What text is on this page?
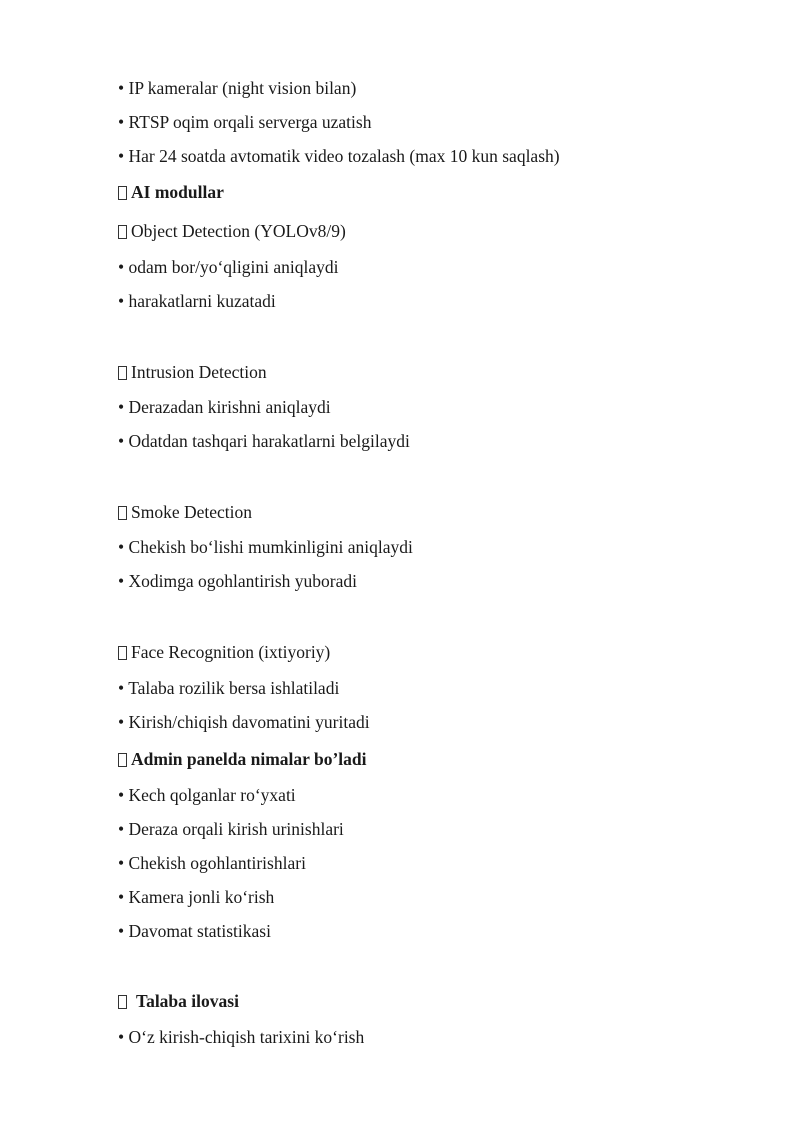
• IP kameralar (night vision bilan)
• RTSP oqim orqali serverga uzatish
• Har 24 soatda avtomatik video tozalash (max 10 kun saqlash)
AI modullar
Object Detection (YOLOv8/9)
• odam bor/yo‘qligini aniqlaydi
• harakatlarni kuzatadi
Intrusion Detection
• Derazadan kirishni aniqlaydi
• Odatdan tashqari harakatlarni belgilaydi
Smoke Detection
• Chekish bo‘lishi mumkinligini aniqlaydi
• Xodimga ogohlantirish yuboradi
Face Recognition (ixtiyoriy)
• Talaba rozilik bersa ishlatiladi
• Kirish/chiqish davomatini yuritadi
Admin panelda nimalar bo’ladi
• Kech qolganlar ro‘yxati
• Deraza orqali kirish urinishlari
• Chekish ogohlantirishlari
• Kamera jonli ko‘rish
• Davomat statistikasi
Talaba ilovasi
• O‘z kirish-chiqish tarixini ko‘rish
